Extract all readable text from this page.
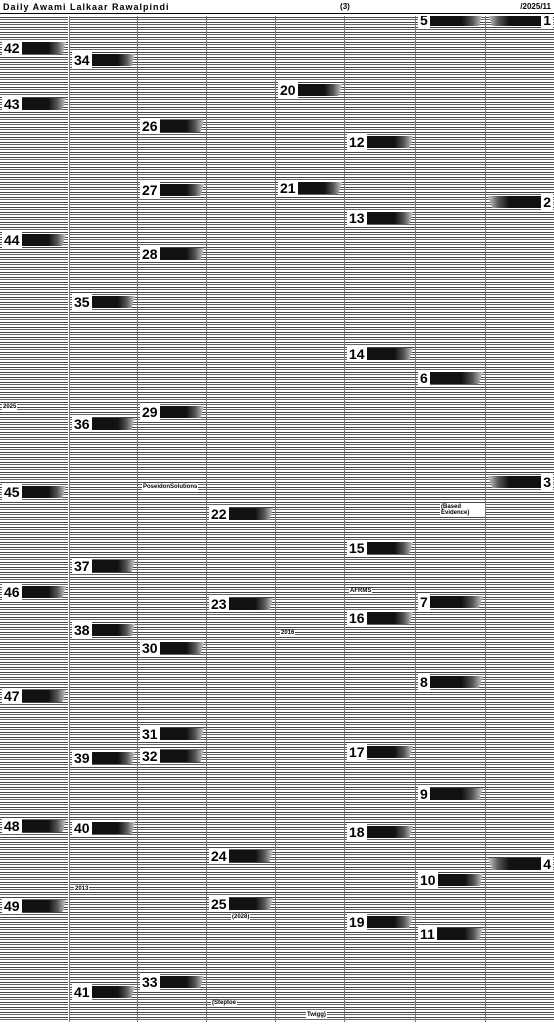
Daily Awami Lalkaar Rawalpindi	(3)	2025/11/
42
43
44
2025
45
46
47
48
49
34
35
36
37
38
39
40
2013
41
26
27
28
29
PoseidonSolutions
30
31
32
33
22
23
24
25
(2028)
(Steptoe
20
21
2016
Twigg)
12
13
14
15
AFRMS
16
17
18
19
5
6
(Based Evidence)
7
8
9
10
11
1
2
3
4
